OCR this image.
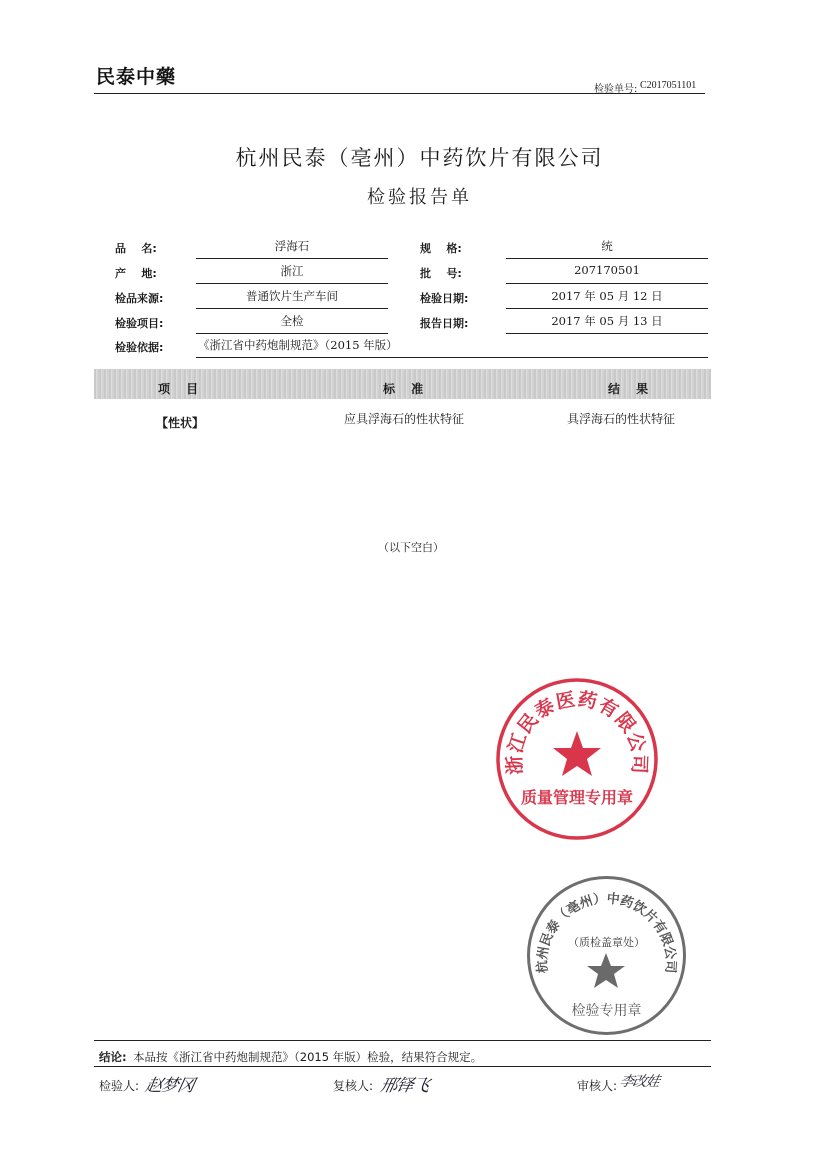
民泰中藥
检验单号: C2017051101
杭州民泰（亳州）中药饮片有限公司
检验报告单
品    名:	浮海石
产    地:	浙江
检品来源:	普通饮片生产车间
检验项目:	全检
检验依据:	《浙江省中药炮制规范》（2015 年版）
规    格:	统
批    号:	207170501
检验日期:	2017 年 05 月 12 日
报告日期:	2017 年 05 月 13 日
项 目	标 准	结 果
【性状】	应具浮海石的性状特征	具浮海石的性状特征
（以下空白）
浙江民泰医药有限公司
质量管理专用章
杭州民泰（亳州）中药饮片有限公司
（质检盖章处）
检验专用章
结论: 本品按《浙江省中药炮制规范》（2015 年版）检验，结果符合规定。
检验人: 赵梦冈	复核人: 邢铎飞	审核人: 李改娃
